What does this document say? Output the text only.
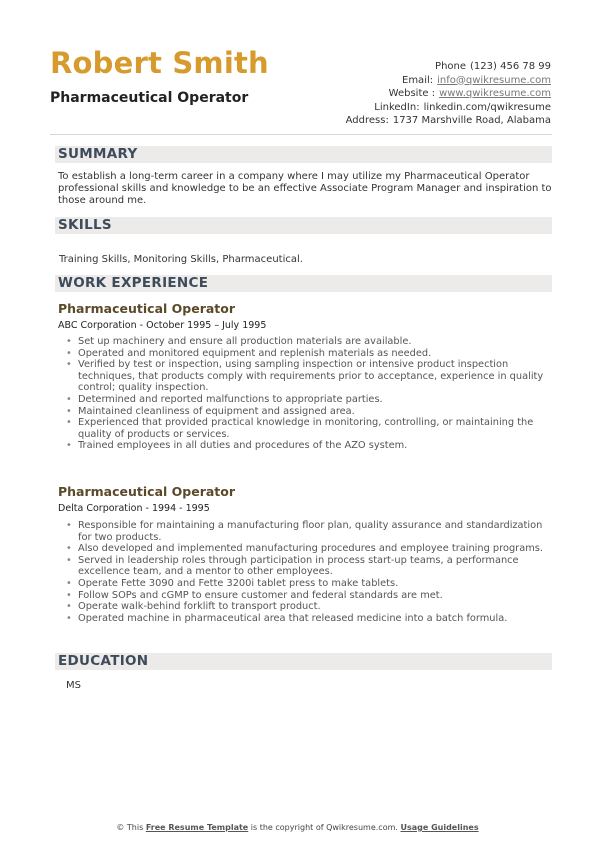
Robert Smith
Pharmaceutical Operator
Phone (123) 456 78 99
Email: info@qwikresume.com
Website : www.qwikresume.com
LinkedIn: linkedin.com/qwikresume
Address: 1737 Marshville Road, Alabama
SUMMARY
To establish a long-term career in a company where I may utilize my Pharmaceutical Operator professional skills and knowledge to be an effective Associate Program Manager and inspiration to those around me.
SKILLS
Training Skills, Monitoring Skills, Pharmaceutical.
WORK EXPERIENCE
Pharmaceutical Operator
ABC Corporation - October 1995 – July 1995
• Set up machinery and ensure all production materials are available.
• Operated and monitored equipment and replenish materials as needed.
• Verified by test or inspection, using sampling inspection or intensive product inspection techniques, that products comply with requirements prior to acceptance, experience in quality control; quality inspection.
• Determined and reported malfunctions to appropriate parties.
• Maintained cleanliness of equipment and assigned area.
• Experienced that provided practical knowledge in monitoring, controlling, or maintaining the quality of products or services.
• Trained employees in all duties and procedures of the AZO system.
Pharmaceutical Operator
Delta Corporation - 1994 - 1995
• Responsible for maintaining a manufacturing floor plan, quality assurance and standardization for two products.
• Also developed and implemented manufacturing procedures and employee training programs.
• Served in leadership roles through participation in process start-up teams, a performance excellence team, and a mentor to other employees.
• Operate Fette 3090 and Fette 3200i tablet press to make tablets.
• Follow SOPs and cGMP to ensure customer and federal standards are met.
• Operate walk-behind forklift to transport product.
• Operated machine in pharmaceutical area that released medicine into a batch formula.
EDUCATION
MS
© This Free Resume Template is the copyright of Qwikresume.com. Usage Guidelines
